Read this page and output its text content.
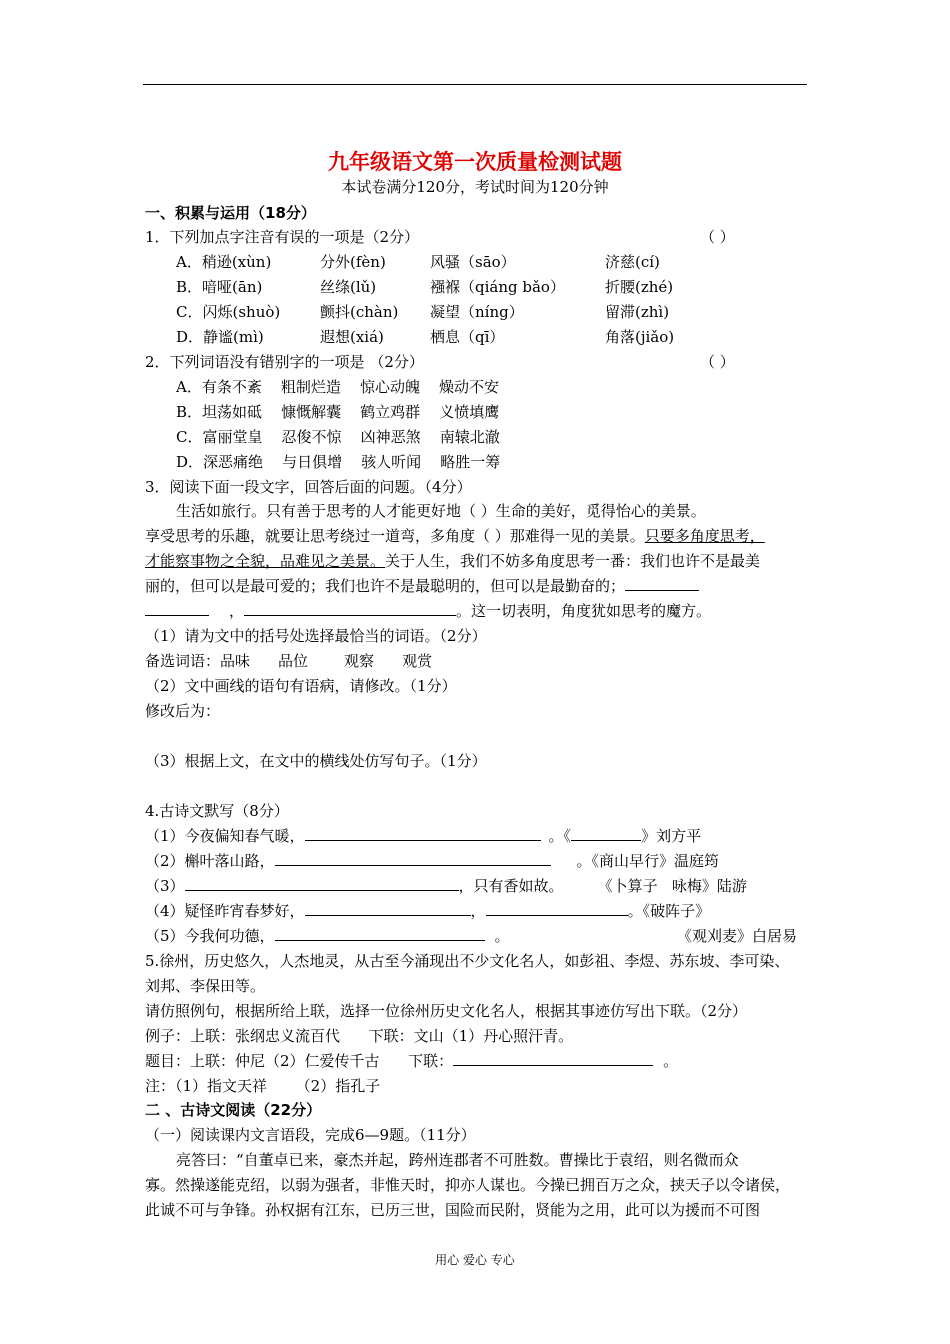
九年级语文第一次质量检测试题
本试卷满分120分，考试时间为120分钟
一、积累与运用（18分）
1．下列加点字注音有误的一项是（2分）	（ ）
A．稍逊(xùn)	分外(fèn)	风骚（sāo）	济慈(cí)
B．喑哑(ān)	丝绦(lǔ)	襁褓（qiáng bǎo）	折腰(zhé)
C．闪烁(shuò)	颤抖(chàn) 凝望（níng）	留滞(zhì)
D．静谧(mì)	遐想(xiá)	栖息（qī）	角落(jiǎo)
2．下列词语没有错别字的一项是 （2分）	（ ）
A．有条不紊    粗制烂造    惊心动魄    燥动不安
B．坦荡如砥    慷慨解囊    鹤立鸡群    义愤填鹰
C．富丽堂皇    忍俊不惊    凶神恶煞    南辕北澈
D．深恶痛绝    与日俱增    骇人听闻    略胜一筹
3．阅读下面一段文字，回答后面的问题。（4分）
生活如旅行。只有善于思考的人才能更好地（ ）生命的美好，觅得怡心的美景。
享受思考的乐趣，就要让思考绕过一道弯，多角度（ ）那难得一见的美景。只要多角度思考，
才能察事物之全貌，品难见之美景。关于人生，我们不妨多角度思考一番：我们也许不是最美
丽的，但可以是最可爱的；我们也许不是最聪明的，但可以是最勤奋的；
，	。这一切表明，角度犹如思考的魔方。
（1）请为文中的括号处选择最恰当的词语。（2分）
备选词语：品味 品位 观察 观赏
（2）文中画线的语句有语病，请修改。（1分）
修改后为：
（3）根据上文，在文中的横线处仿写句子。（1分）
4.古诗文默写（8分）
（1）今夜偏知春气暖，	。《	》刘方平
（2）槲叶落山路，	。《商山早行》温庭筠
（3）	，只有香如故。 《卜算子   咏梅》陆游
（4）疑怪昨宵春梦好，	，	。《破阵子》
（5）今我何功德，	。	《观刈麦》白居易
5.徐州，历史悠久，人杰地灵，从古至今涌现出不少文化名人，如彭祖、李煜、苏东坡、李可染、
刘邦、李保田等。
请仿照例句，根据所给上联，选择一位徐州历史文化名人，根据其事迹仿写出下联。（2分）
例子：上联：张纲忠义流百代      下联：文山（1）丹心照汗青。
题目：上联：仲尼（2）仁爱传千古      下联：	。
注：（1）指文天祥      （2）指孔子
二 、古诗文阅读（22分）
（一）阅读课内文言语段，完成6—9题。（11分）
亮答曰：“自董卓已来，豪杰并起，跨州连郡者不可胜数。曹操比于袁绍，则名微而众
寡。然操遂能克绍，以弱为强者，非惟天时，抑亦人谋也。今操已拥百万之众，挟天子以令诸侯，
此诚不可与争锋。孙权据有江东，已历三世，国险而民附，贤能为之用，此可以为援而不可图
用心 爱心 专心
